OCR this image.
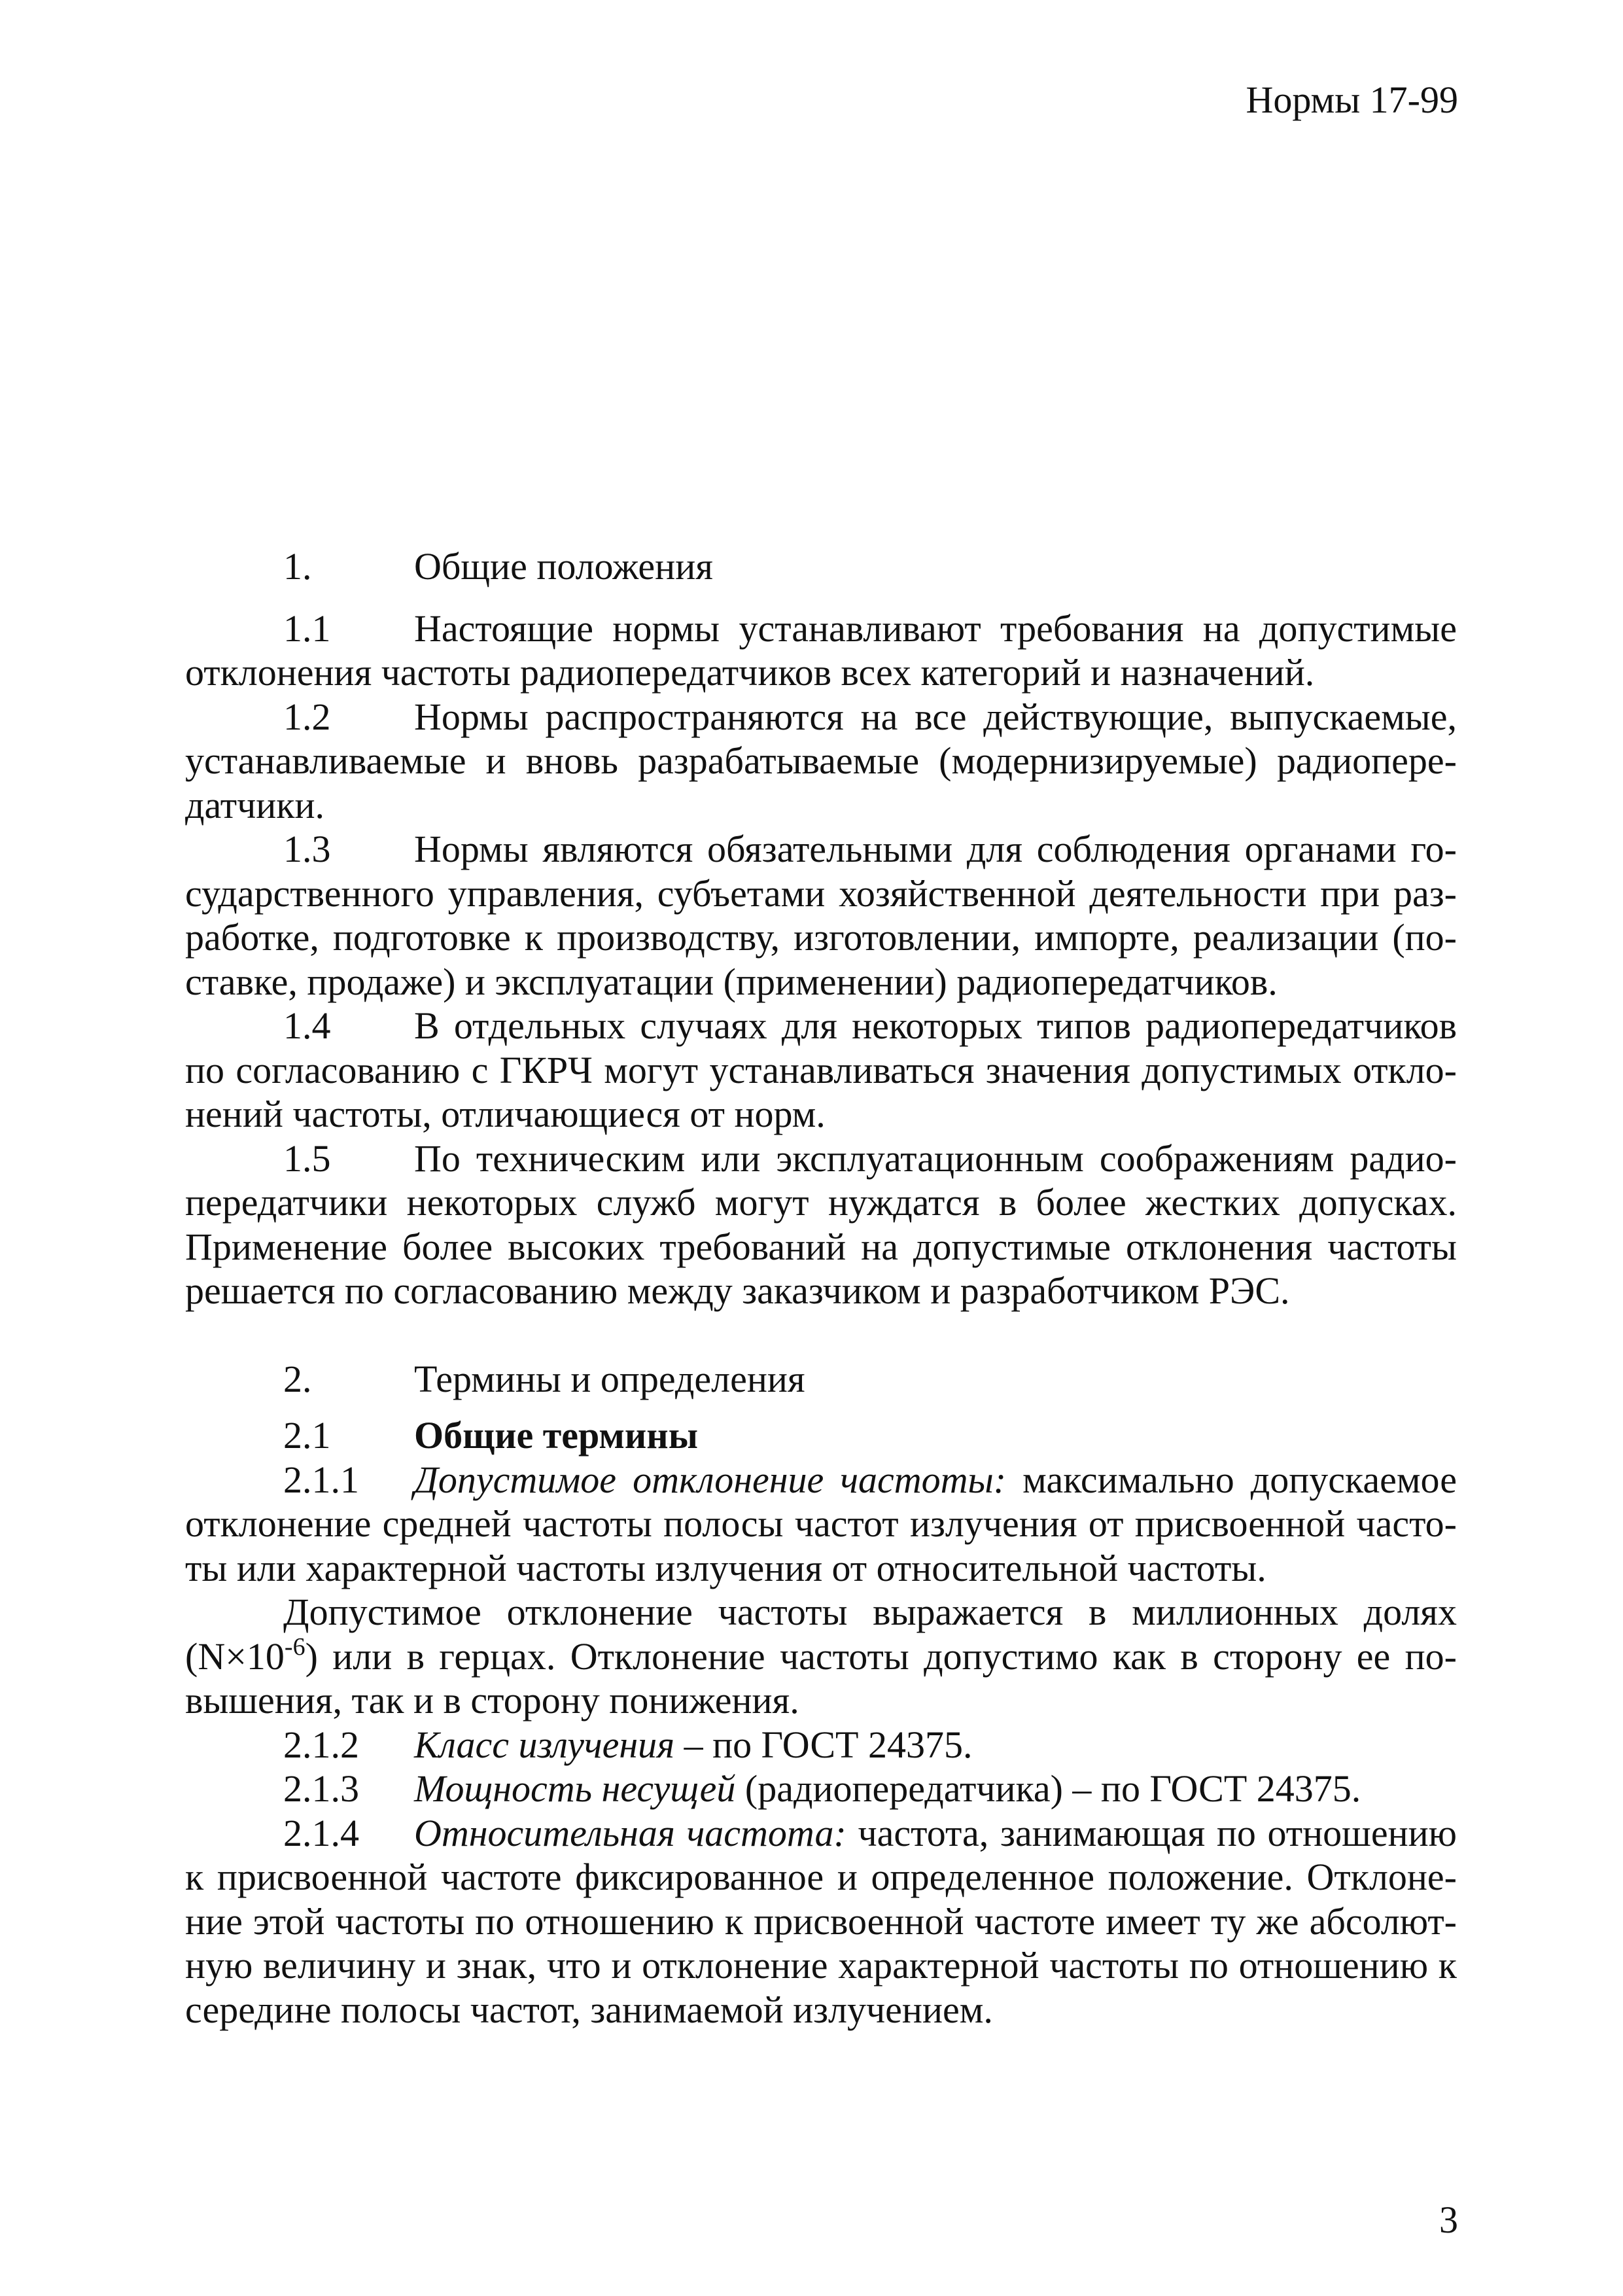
Нормы 17-99
1.	Общие положения

1.1 Настоящие нормы устанавливают требования на допустимые отклонения частоты радиопередатчиков всех категорий и назначений.

1.2 Нормы распространяются на все действующие, выпускаемые, устанавливаемые и вновь разрабатываемые (модернизируемые) радиопередатчики.

1.3 Нормы являются обязательными для соблюдения органами государственного управления, субъетами хозяйственной деятельности при разработке, подготовке к производству, изготовлении, импорте, реализации (поставке, продаже) и эксплуатации (применении) радиопередатчиков.

1.4 В отдельных случаях для некоторых типов радиопередатчиков по согласованию с ГКРЧ могут устанавливаться значения допустимых отклонений частоты, отличающиеся от норм.

1.5 По техническим или эксплуатационным соображениям радиопередатчики некоторых служб могут нуждатся в более жестких допусках. Применение более высоких требований на допустимые отклонения частоты решается по согласованию между заказчиком и разработчиком РЭС.

2.	Термины и определения
2.1	Общие термины

2.1.1 Допустимое отклонение частоты: максимально допускаемое отклонение средней частоты полосы частот излучения от присвоенной частоты или характерной частоты излучения от относительной частоты.

Допустимое отклонение частоты выражается в миллионных долях $(N\times 10^{-6})$ или в герцах. Отклонение частоты допустимо как в сторону ее повышения, так и в сторону понижения.

2.1.2 Класс излучения – по ГОСТ 24375.

2.1.3 Мощность несущей (радиопередатчика) – по ГОСТ 24375.

2.1.4 Относительная частота: частота, занимающая по отношению к присвоенной частоте фиксированное и определенное положение. Отклонение этой частоты по отношению к присвоенной частоте имеет ту же абсолютную величину и знак, что и отклонение характерной частоты по отношению к середине полосы частот, занимаемой излучением.

3
